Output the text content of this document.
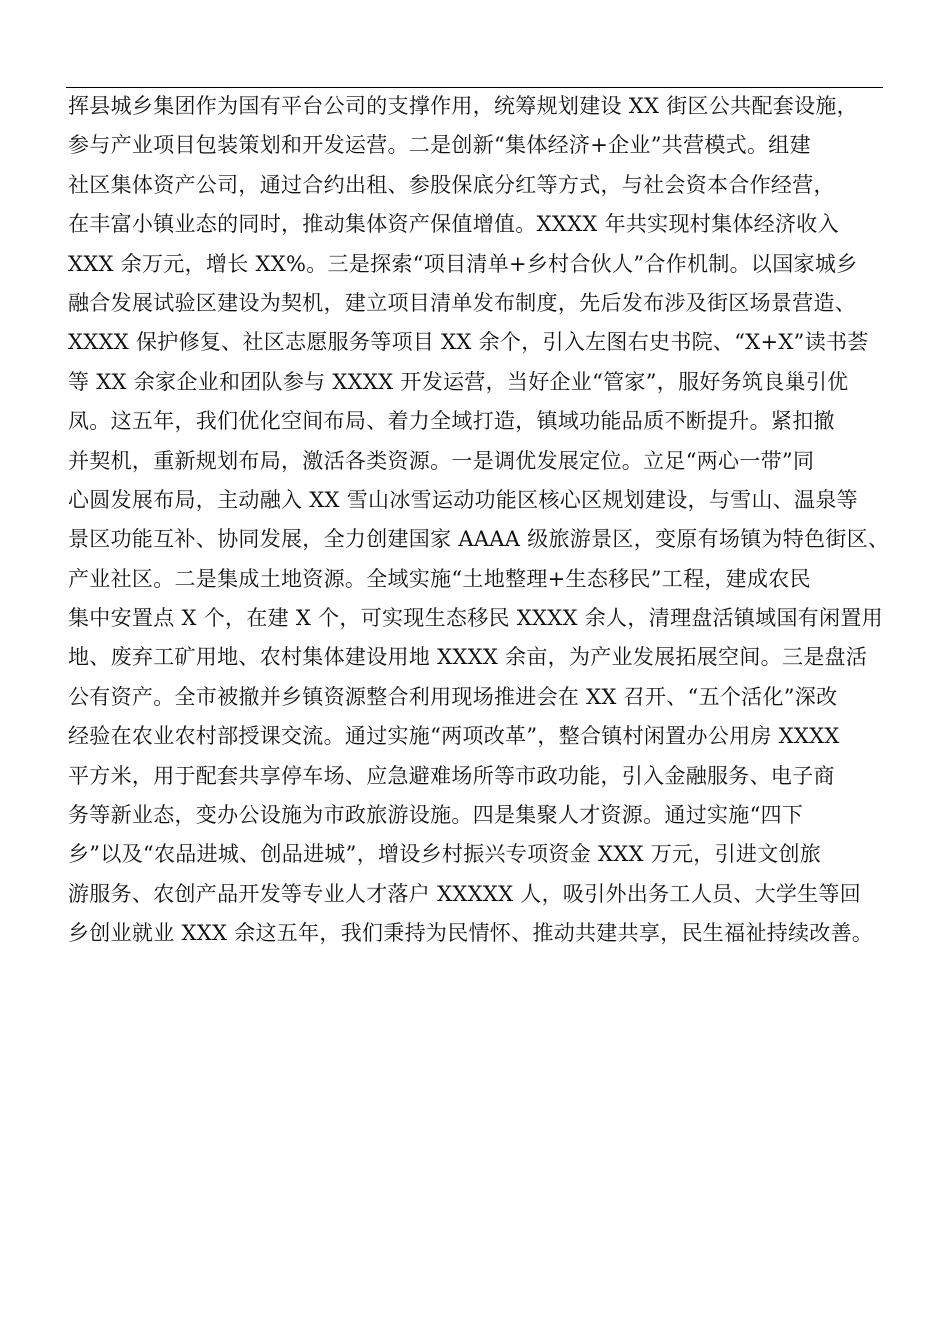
挥县城乡集团作为国有平台公司的支撑作用，统筹规划建设 XX 街区公共配套设施，
参与产业项目包装策划和开发运营。二是创新“集体经济+企业”共营模式。组建
社区集体资产公司，通过合约出租、参股保底分红等方式，与社会资本合作经营，
在丰富小镇业态的同时，推动集体资产保值增值。XXXX 年共实现村集体经济收入
XXX 余万元，增长 XX%。三是探索“项目清单+乡村合伙人”合作机制。以国家城乡
融合发展试验区建设为契机，建立项目清单发布制度，先后发布涉及街区场景营造、
XXXX 保护修复、社区志愿服务等项目 XX 余个，引入左图右史书院、“X+X”读书荟
等 XX 余家企业和团队参与 XXXX 开发运营，当好企业“管家”，服好务筑良巢引优
凤。这五年，我们优化空间布局、着力全域打造，镇域功能品质不断提升。紧扣撤
并契机，重新规划布局，激活各类资源。一是调优发展定位。立足“两心一带”同
心圆发展布局，主动融入 XX 雪山冰雪运动功能区核心区规划建设，与雪山、温泉等
景区功能互补、协同发展，全力创建国家 AAAA 级旅游景区，变原有场镇为特色街区、
产业社区。二是集成土地资源。全域实施“土地整理+生态移民”工程，建成农民
集中安置点 X 个，在建 X 个，可实现生态移民 XXXX 余人，清理盘活镇域国有闲置用
地、废弃工矿用地、农村集体建设用地 XXXX 余亩，为产业发展拓展空间。三是盘活
公有资产。全市被撤并乡镇资源整合利用现场推进会在 XX 召开、“五个活化”深改
经验在农业农村部授课交流。通过实施“两项改革”，整合镇村闲置办公用房 XXXX
平方米，用于配套共享停车场、应急避难场所等市政功能，引入金融服务、电子商
务等新业态，变办公设施为市政旅游设施。四是集聚人才资源。通过实施“四下
乡”以及“农品进城、创品进城”，增设乡村振兴专项资金 XXX 万元，引进文创旅
游服务、农创产品开发等专业人才落户 XXXXX 人，吸引外出务工人员、大学生等回
乡创业就业 XXX 余这五年，我们秉持为民情怀、推动共建共享，民生福祉持续改善。
